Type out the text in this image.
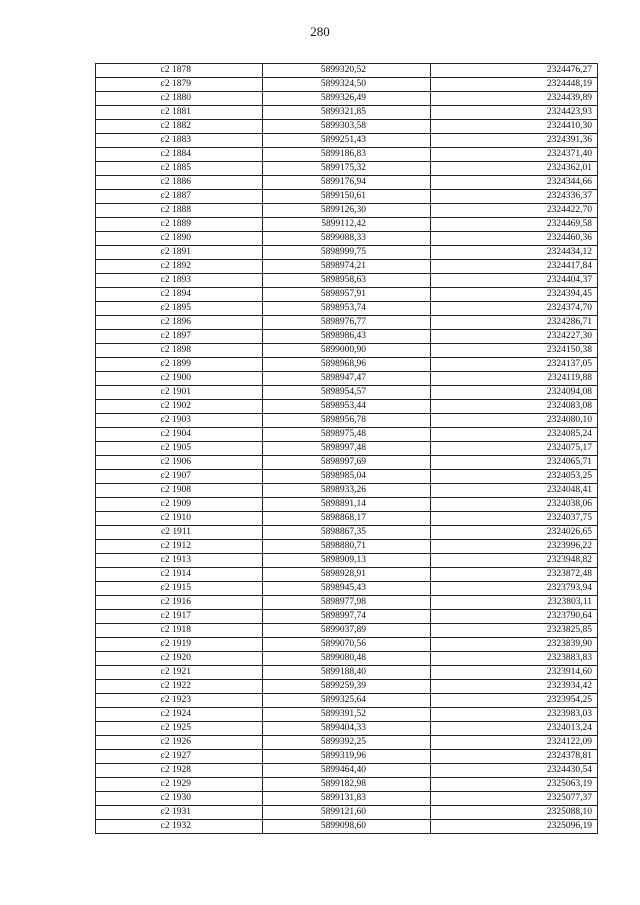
280
c2 1878	5899320,52	2324476,27
c2 1879	5899324,50	2324448,19
c2 1880	5899326,49	2324439,89
c2 1881	5899321,85	2324423,93
c2 1882	5899303,58	2324410,30
c2 1883	5899251,43	2324391,36
c2 1884	5899186,83	2324371,40
c2 1885	5899175,32	2324362,01
c2 1886	5899176,94	2324344,66
c2 1887	5899150,61	2324336,37
c2 1888	5899126,30	2324422,70
c2 1889	5899112,42	2324469,58
c2 1890	5899088,33	2324460,36
c2 1891	5898999,75	2324434,12
c2 1892	5898974,21	2324417,84
c2 1893	5898958,63	2324404,37
c2 1894	5898957,91	2324394,45
c2 1895	5898953,74	2324374,70
c2 1896	5898976,77	2324286,71
c2 1897	5898986,43	2324227,30
c2 1898	5899000,90	2324150,38
c2 1899	5898968,96	2324137,05
c2 1900	5898947,47	2324119,88
c2 1901	5898954,57	2324094,08
c2 1902	5898953,44	2324083,08
c2 1903	5898956,78	2324080,10
c2 1904	5898975,48	2324085,24
c2 1905	5898997,48	2324075,17
c2 1906	5898997,69	2324065,71
c2 1907	5898985,04	2324053,25
c2 1908	5898933,26	2324048,41
c2 1909	5898891,14	2324038,06
c2 1910	5898868,17	2324037,75
c2 1911	5898867,35	2324026,65
c2 1912	5898880,71	2323996,22
c2 1913	5898909,13	2323948,82
c2 1914	5898928,91	2323872,48
c2 1915	5898945,43	2323793,94
c2 1916	5898977,98	2323803,11
c2 1917	5898997,74	2323790,64
c2 1918	5899037,89	2323825,85
c2 1919	5899070,56	2323839,90
c2 1920	5899080,48	2323883,83
c2 1921	5899188,40	2323914,60
c2 1922	5899259,39	2323934,42
c2 1923	5899325,64	2323954,25
c2 1924	5899391,52	2323983,03
c2 1925	5899404,33	2324013,24
c2 1926	5899392,25	2324122,09
c2 1927	5899319,96	2324378,81
c2 1928	5899464,40	2324430,54
c2 1929	5899182,98	2325063,19
c2 1930	5899131,83	2325077,37
c2 1931	5899121,60	2325088,10
c2 1932	5899098,60	2325096,19
